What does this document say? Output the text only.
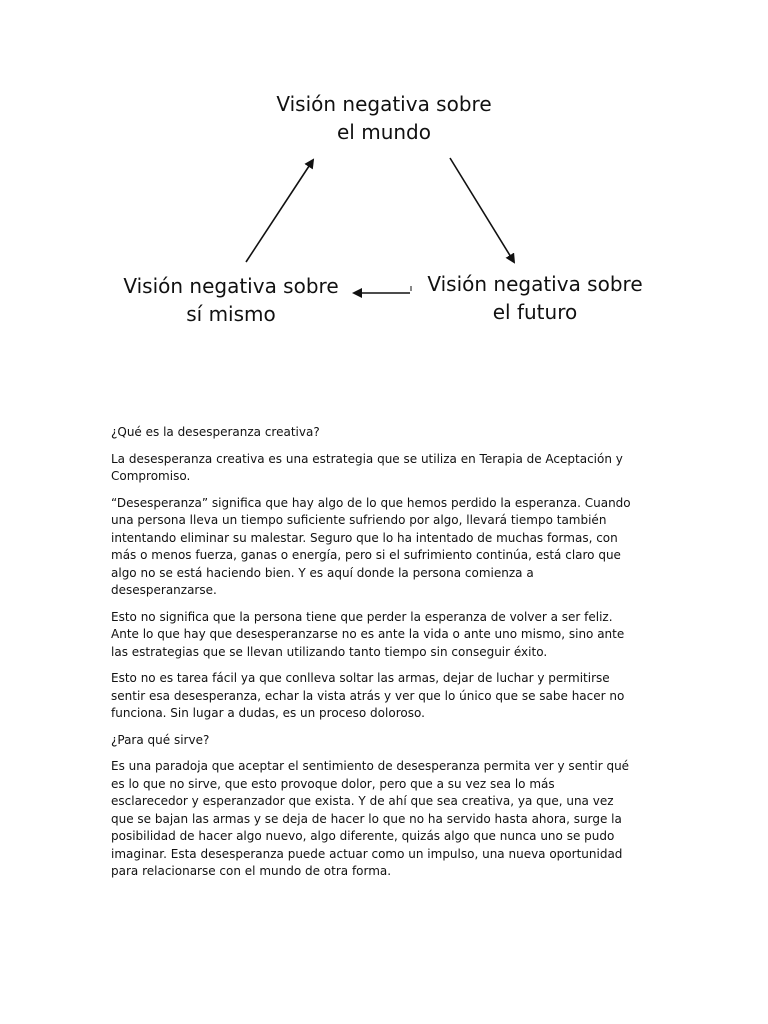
Visión negativa sobre
el mundo
Visión negativa sobre
sí mismo
Visión negativa sobre
el futuro

¿Qué es la desesperanza creativa?

La desesperanza creativa es una estrategia que se utiliza en Terapia de Aceptación y Compromiso.

“Desesperanza” significa que hay algo de lo que hemos perdido la esperanza. Cuando una persona lleva un tiempo suficiente sufriendo por algo, llevará tiempo también intentando eliminar su malestar. Seguro que lo ha intentado de muchas formas, con más o menos fuerza, ganas o energía, pero si el sufrimiento continúa, está claro que algo no se está haciendo bien. Y es aquí donde la persona comienza a desesperanzarse.

Esto no significa que la persona tiene que perder la esperanza de volver a ser feliz. Ante lo que hay que desesperanzarse no es ante la vida o ante uno mismo, sino ante las estrategias que se llevan utilizando tanto tiempo sin conseguir éxito.

Esto no es tarea fácil ya que conlleva soltar las armas, dejar de luchar y permitirse sentir esa desesperanza, echar la vista atrás y ver que lo único que se sabe hacer no funciona. Sin lugar a dudas, es un proceso doloroso.

¿Para qué sirve?

Es una paradoja que aceptar el sentimiento de desesperanza permita ver y sentir qué es lo que no sirve, que esto provoque dolor, pero que a su vez sea lo más esclarecedor y esperanzador que exista. Y de ahí que sea creativa, ya que, una vez que se bajan las armas y se deja de hacer lo que no ha servido hasta ahora, surge la posibilidad de hacer algo nuevo, algo diferente, quizás algo que nunca uno se pudo imaginar. Esta desesperanza puede actuar como un impulso, una nueva oportunidad para relacionarse con el mundo de otra forma.
